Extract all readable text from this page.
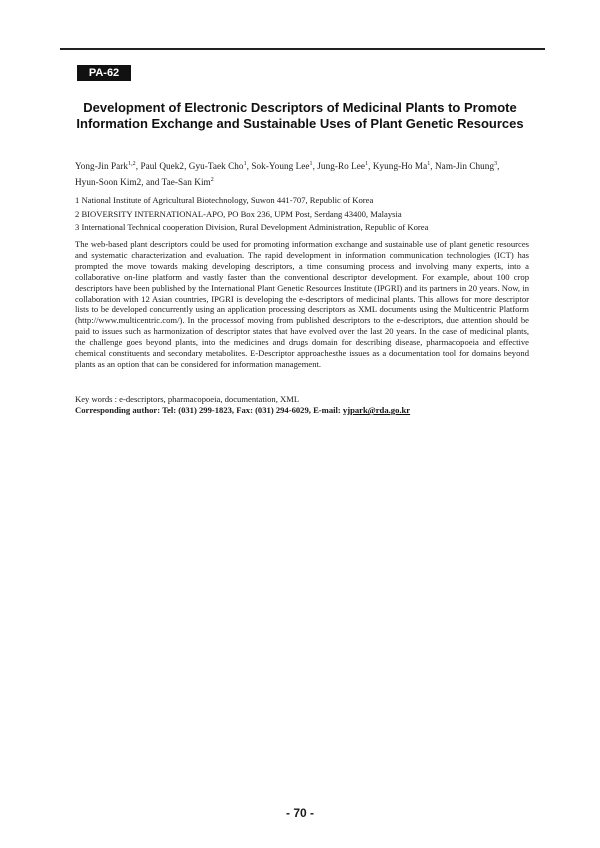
PA-62
Development of Electronic Descriptors of Medicinal Plants to Promote Information Exchange and Sustainable Uses of Plant Genetic Resources

Yong-Jin Park$^{1,2}$, Paul Quek2, Gyu-Taek Cho$^1$, Sok-Young Lee$^1$, Jung-Ro Lee$^1$, Kyung-Ho Ma$^1$, Nam-Jin Chung$^3$,
Hyun-Soon Kim2, and Tae-San Kim$^2$

1 National Institute of Agricultural Biotechnology, Suwon 441-707, Republic of Korea
2 BIOVERSITY INTERNATIONAL-APO, PO Box 236, UPM Post, Serdang 43400, Malaysia
3 International Technical cooperation Division, Rural Development Administration, Republic of Korea

The web-based plant descriptors could be used for promoting information exchange and sustainable use of plant genetic resources and systematic characterization and evaluation. The rapid development in information communication technologies (ICT) has prompted the move towards making developing descriptors, a time consuming process and involving many experts, into a collaborative on-line platform and vastly faster than the conventional descriptor development. For example, about 100 crop descriptors have been published by the International Plant Genetic Resources Institute (IPGRI) and its partners in 20 years. Now, in collaboration with 12 Asian countries, IPGRI is developing the e-descriptors of medicinal plants. This allows for more descriptor lists to be developed concurrently using an application processing descriptors as XML documents using the Multicentric Platform (http://www.multicentric.com/). In the processof moving from published descriptors to the e-descriptors, due attention should be paid to issues such as harmonization of descriptor states that have evolved over the last 20 years. In the case of medicinal plants, the challenge goes beyond plants, into the medicines and drugs domain for describing disease, pharmacopoeia and effective chemical constituents and secondary metabolites. E-Descriptor approachesthe issues as a documentation tool for domains beyond plants as an option that can be considered for information management.

Key words : e-descriptors, pharmacopoeia, documentation, XML

Corresponding author: Tel: (031) 299-1823, Fax: (031) 294-6029, E-mail: yjpark@rda.go.kr

- 70 -
